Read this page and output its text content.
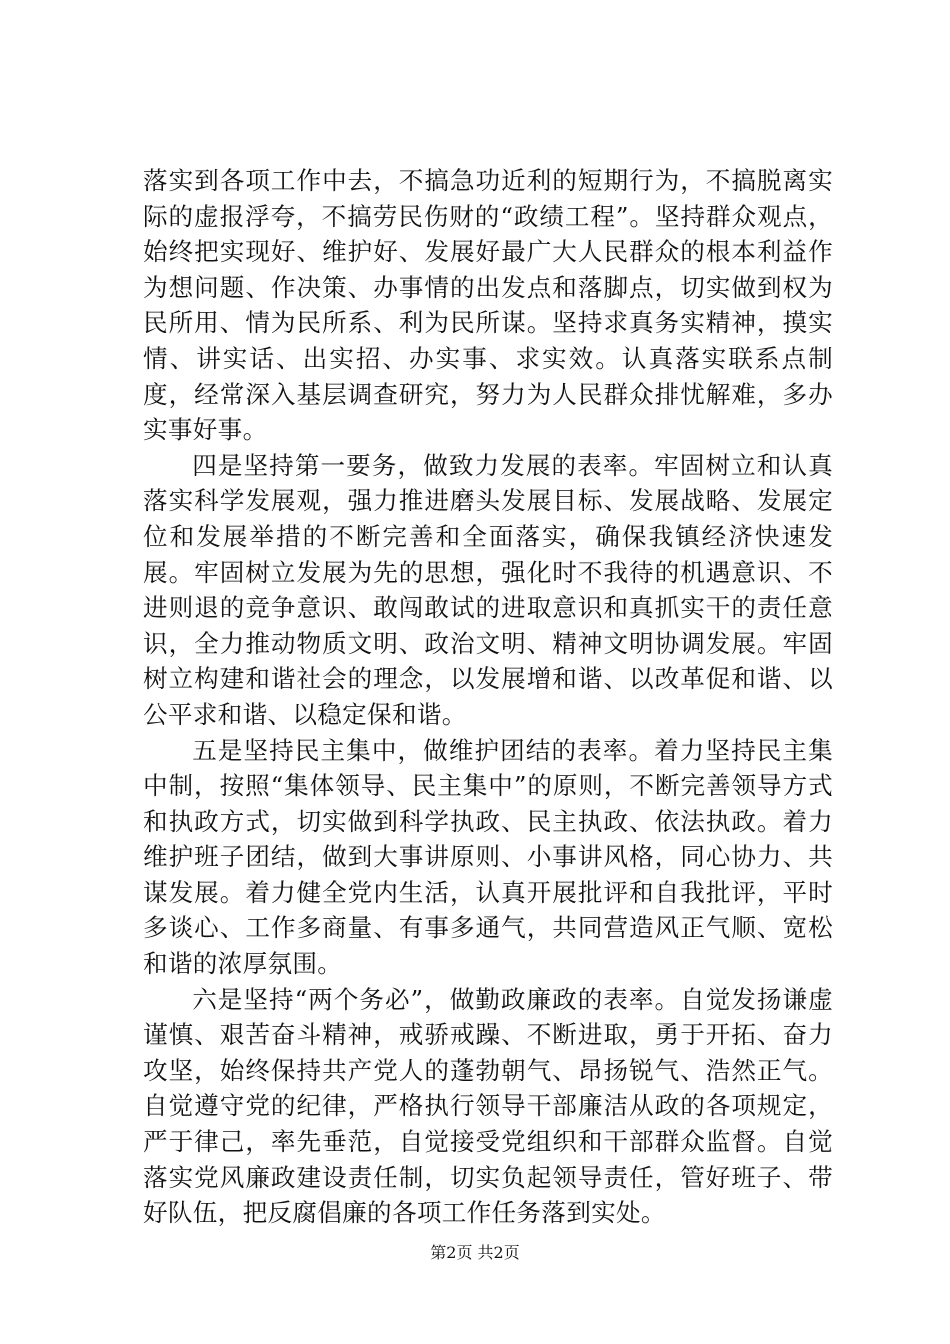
落实到各项工作中去，不搞急功近利的短期行为，不搞脱离实际的虚报浮夸，不搞劳民伤财的“政绩工程”。坚持群众观点，始终把实现好、维护好、发展好最广大人民群众的根本利益作为想问题、作决策、办事情的出发点和落脚点，切实做到权为民所用、情为民所系、利为民所谋。坚持求真务实精神，摸实情、讲实话、出实招、办实事、求实效。认真落实联系点制度，经常深入基层调查研究，努力为人民群众排忧解难，多办实事好事。

四是坚持第一要务，做致力发展的表率。牢固树立和认真落实科学发展观，强力推进磨头发展目标、发展战略、发展定位和发展举措的不断完善和全面落实，确保我镇经济快速发展。牢固树立发展为先的思想，强化时不我待的机遇意识、不进则退的竞争意识、敢闯敢试的进取意识和真抓实干的责任意识，全力推动物质文明、政治文明、精神文明协调发展。牢固树立构建和谐社会的理念，以发展增和谐、以改革促和谐、以公平求和谐、以稳定保和谐。

五是坚持民主集中，做维护团结的表率。着力坚持民主集中制，按照“集体领导、民主集中”的原则，不断完善领导方式和执政方式，切实做到科学执政、民主执政、依法执政。着力维护班子团结，做到大事讲原则、小事讲风格，同心协力、共谋发展。着力健全党内生活，认真开展批评和自我批评，平时多谈心、工作多商量、有事多通气，共同营造风正气顺、宽松和谐的浓厚氛围。

六是坚持“两个务必”，做勤政廉政的表率。自觉发扬谦虚谨慎、艰苦奋斗精神，戒骄戒躁、不断进取，勇于开拓、奋力攻坚，始终保持共产党人的蓬勃朝气、昂扬锐气、浩然正气。自觉遵守党的纪律，严格执行领导干部廉洁从政的各项规定，严于律己，率先垂范，自觉接受党组织和干部群众监督。自觉落实党风廉政建设责任制，切实负起领导责任，管好班子、带好队伍，把反腐倡廉的各项工作任务落到实处。

第2页 共2页
